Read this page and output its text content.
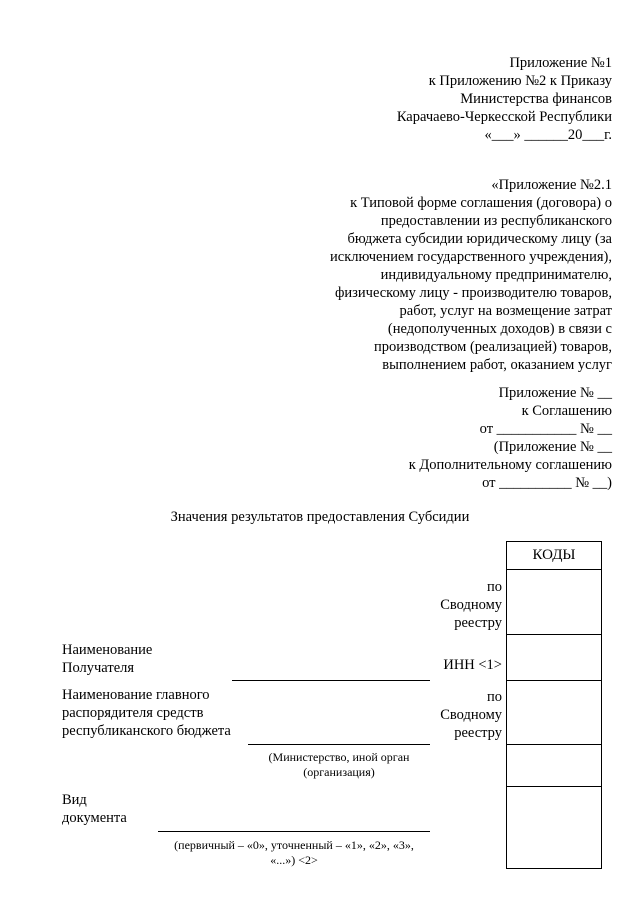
Приложение №1
к Приложению №2 к Приказу
Министерства финансов
Карачаево-Черкесской Республики
«___» ______20___г.
«Приложение №2.1
к Типовой форме соглашения (договора) о
предоставлении из республиканского
бюджета субсидии юридическому лицу (за
исключением государственного учреждения),
индивидуальному предпринимателю,
физическому лицу - производителю товаров,
работ, услуг на возмещение затрат
(недополученных доходов) в связи с
производством (реализацией) товаров,
выполнением работ, оказанием услуг
Приложение № __
к Соглашению
от ___________ № __
(Приложение № __
к Дополнительному соглашению
от __________ № __)
Значения результатов предоставления Субсидии
КОДЫ
по
Сводному
реестру
ИНН <1>
по
Сводному
реестру
Наименование
Получателя
Наименование главного
распорядителя средств
республиканского бюджета
(Министерство, иной орган
(организация)
Вид
документа
(первичный – «0», уточненный – «1», «2», «3»,
«...») <2>
